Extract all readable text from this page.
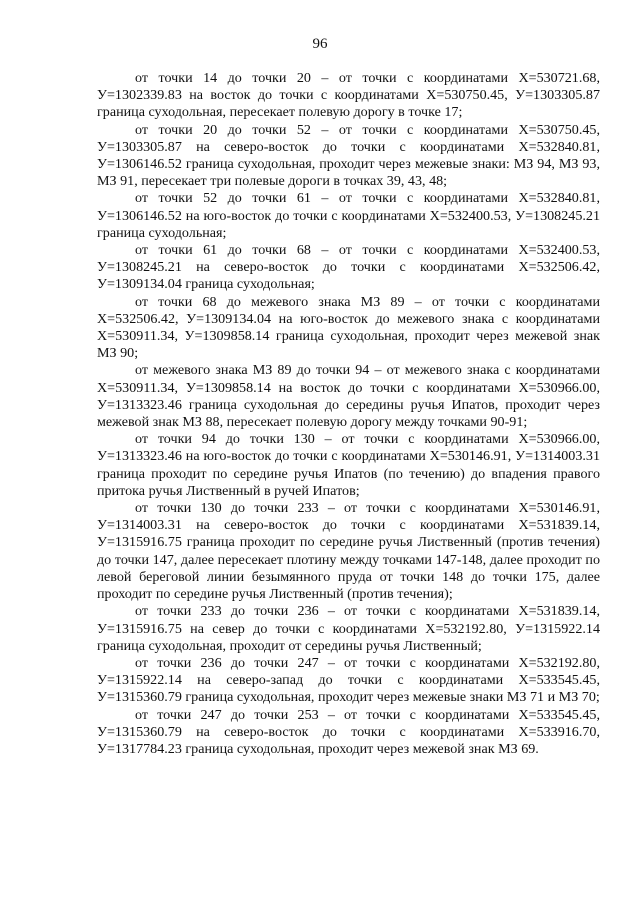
96

от точки 14 до точки 20 – от точки с координатами Х=530721.68, У=1302339.83 на восток до точки с координатами Х=530750.45, У=1303305.87 граница суходольная, пересекает полевую дорогу в точке 17;

от точки 20 до точки 52 – от точки с координатами Х=530750.45, У=1303305.87 на северо-восток до точки с координатами Х=532840.81, У=1306146.52 граница суходольная, проходит через межевые знаки: МЗ 94, МЗ 93, МЗ 91, пересекает три полевые дороги в точках 39, 43, 48;

от точки 52 до точки 61 – от точки с координатами Х=532840.81, У=1306146.52 на юго-восток до точки с координатами Х=532400.53, У=1308245.21 граница суходольная;

от точки 61 до точки 68 – от точки с координатами Х=532400.53, У=1308245.21 на северо-восток до точки с координатами Х=532506.42, У=1309134.04 граница суходольная;

от точки 68 до межевого знака МЗ 89 – от точки с координатами Х=532506.42, У=1309134.04 на юго-восток до межевого знака с координатами Х=530911.34, У=1309858.14 граница суходольная, проходит через межевой знак МЗ 90;

от межевого знака МЗ 89 до точки 94 – от межевого знака с координатами Х=530911.34, У=1309858.14 на восток до точки с координатами Х=530966.00, У=1313323.46 граница суходольная до середины ручья Ипатов, проходит через межевой знак МЗ 88, пересекает полевую дорогу между точками 90-91;

от точки 94 до точки 130 – от точки с координатами Х=530966.00, У=1313323.46 на юго-восток до точки с координатами Х=530146.91, У=1314003.31 граница проходит по середине ручья Ипатов (по течению) до впадения правого притока ручья Лиственный в ручей Ипатов;

от точки 130 до точки 233 – от точки с координатами Х=530146.91, У=1314003.31 на северо-восток до точки с координатами Х=531839.14, У=1315916.75 граница проходит по середине ручья Лиственный (против течения) до точки 147, далее пересекает плотину между точками 147-148, далее проходит по левой береговой линии безымянного пруда от точки 148 до точки 175, далее проходит по середине ручья Лиственный (против течения);

от точки 233 до точки 236 – от точки с координатами Х=531839.14, У=1315916.75 на север до точки с координатами Х=532192.80, У=1315922.14 граница суходольная, проходит от середины ручья Лиственный;

от точки 236 до точки 247 – от точки с координатами Х=532192.80, У=1315922.14 на северо-запад до точки с координатами Х=533545.45, У=1315360.79 граница суходольная, проходит через межевые знаки МЗ 71 и МЗ 70;

от точки 247 до точки 253 – от точки с координатами Х=533545.45, У=1315360.79 на северо-восток до точки с координатами Х=533916.70, У=1317784.23 граница суходольная, проходит через межевой знак МЗ 69.
